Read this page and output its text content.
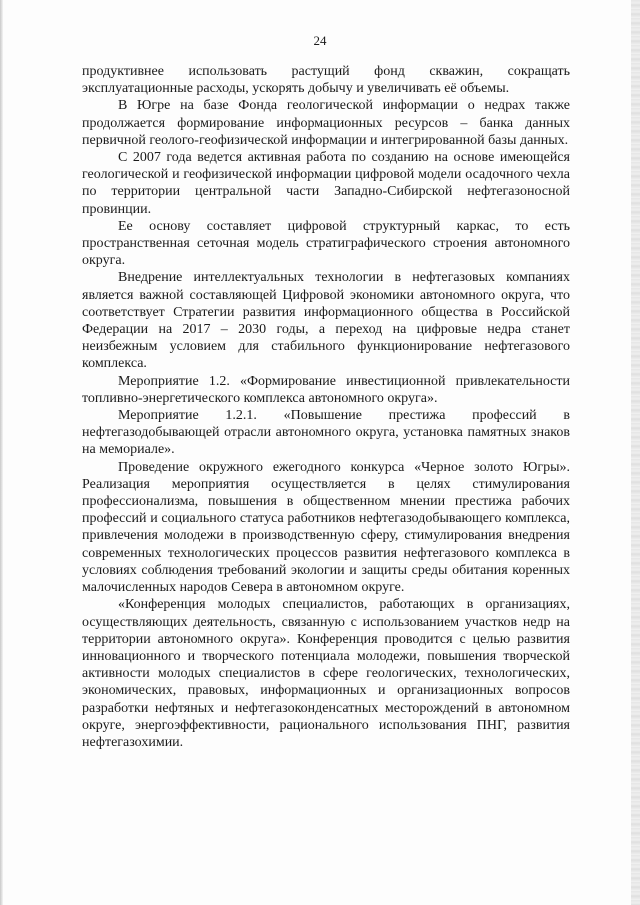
24

продуктивнее использовать растущий фонд скважин, сокращать эксплуатационные расходы, ускорять добычу и увеличивать её объемы.

В Югре на базе Фонда геологической информации о недрах также продолжается формирование информационных ресурсов – банка данных первичной геолого-геофизической информации и интегрированной базы данных.

С 2007 года ведется активная работа по созданию на основе имеющейся геологической и геофизической информации цифровой модели осадочного чехла по территории центральной части Западно-Сибирской нефтегазоносной провинции.

Ее основу составляет цифровой структурный каркас, то есть пространственная сеточная модель стратиграфического строения автономного округа.

Внедрение интеллектуальных технологии в нефтегазовых компаниях является важной составляющей Цифровой экономики автономного округа, что соответствует Стратегии развития информационного общества в Российской Федерации на 2017 – 2030 годы, а переход на цифровые недра станет неизбежным условием для стабильного функционирование нефтегазового комплекса.

Мероприятие 1.2. «Формирование инвестиционной привлекательности топливно-энергетического комплекса автономного округа».

Мероприятие 1.2.1. «Повышение престижа профессий в нефтегазодобывающей отрасли автономного округа, установка памятных знаков на мемориале».

Проведение окружного ежегодного конкурса «Черное золото Югры». Реализация мероприятия осуществляется в целях стимулирования профессионализма, повышения в общественном мнении престижа рабочих профессий и социального статуса работников нефтегазодобывающего комплекса, привлечения молодежи в производственную сферу, стимулирования внедрения современных технологических процессов развития нефтегазового комплекса в условиях соблюдения требований экологии и защиты среды обитания коренных малочисленных народов Севера в автономном округе.

«Конференция молодых специалистов, работающих в организациях, осуществляющих деятельность, связанную с использованием участков недр на территории автономного округа». Конференция проводится с целью развития инновационного и творческого потенциала молодежи, повышения творческой активности молодых специалистов в сфере геологических, технологических, экономических, правовых, информационных и организационных вопросов разработки нефтяных и нефтегазоконденсатных месторождений в автономном округе, энергоэффективности, рационального использования ПНГ, развития нефтегазохимии.
